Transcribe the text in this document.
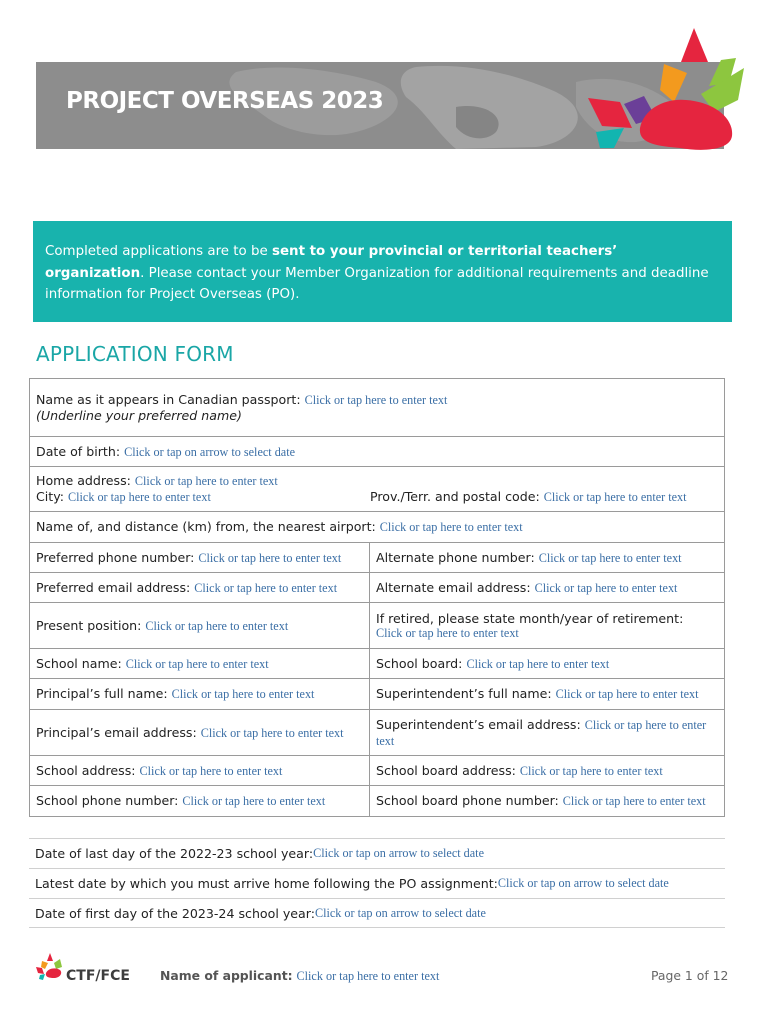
PROJECT OVERSEAS 2023
Completed applications are to be sent to your provincial or territorial teachers’ organization. Please contact your Member Organization for additional requirements and deadline information for Project Overseas (PO).
APPLICATION FORM
Name as it appears in Canadian passport: Click or tap here to enter text
(Underline your preferred name)	
Date of birth: Click or tap on arrow to select date	

Home address: Click or tap here to enter text
City: Click or tap here to enter text Prov./Terr. and postal code: Click or tap here to enter text	

Name of, and distance (km) from, the nearest airport: Click or tap here to enter text	
Preferred phone number: Click or tap here to enter text	Alternate phone number: Click or tap here to enter text
Preferred email address: Click or tap here to enter text	Alternate email address: Click or tap here to enter text
Present position: Click or tap here to enter text	If retired, please state month/year of retirement:
Click or tap here to enter text

School name: Click or tap here to enter text	School board: Click or tap here to enter text
Principal’s full name: Click or tap here to enter text	Superintendent’s full name: Click or tap here to enter text
Principal’s email address: Click or tap here to enter text	Superintendent’s email address: Click or tap here to enter
text
School address: Click or tap here to enter text	School board address: Click or tap here to enter text
School phone number: Click or tap here to enter text	School board phone number: Click or tap here to enter text
Date of last day of the 2022-23 school year: Click or tap on arrow to select date
Latest date by which you must arrive home following the PO assignment: Click or tap on arrow to select date
Date of first day of the 2023-24 school year: Click or tap on arrow to select date
CTF/FCE Name of applicant: Click or tap here to enter text	Page 1 of 12
